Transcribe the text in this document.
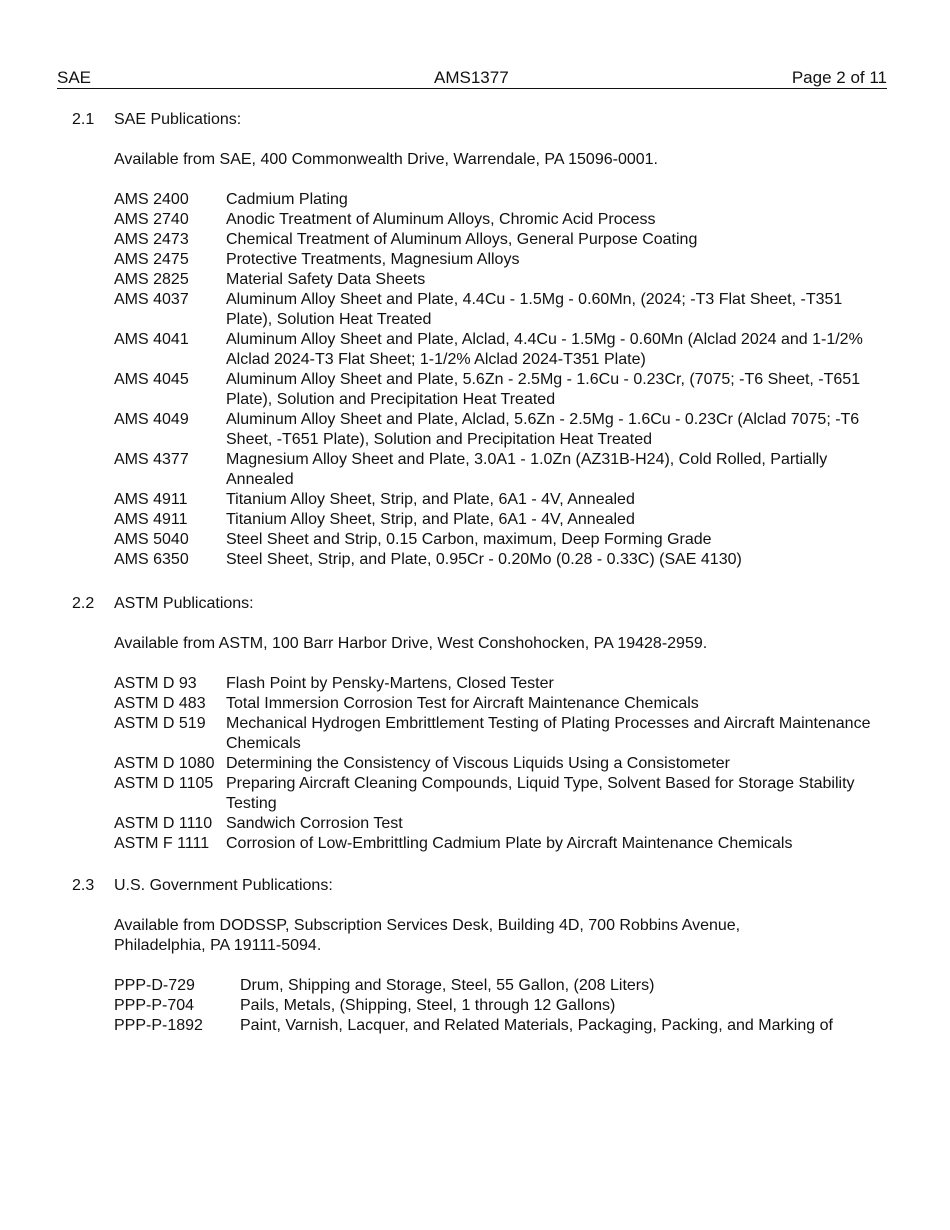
SAE	AMS1377	Page 2 of 11
2.1 SAE Publications:
Available from SAE, 400 Commonwealth Drive, Warrendale, PA 15096-0001.
AMS 2400	Cadmium Plating
AMS 2740	Anodic Treatment of Aluminum Alloys, Chromic Acid Process
AMS 2473	Chemical Treatment of Aluminum Alloys, General Purpose Coating
AMS 2475	Protective Treatments, Magnesium Alloys
AMS 2825	Material Safety Data Sheets
AMS 4037	Aluminum Alloy Sheet and Plate, 4.4Cu - 1.5Mg - 0.60Mn, (2024; -T3 Flat Sheet, -T351 Plate), Solution Heat Treated
AMS 4041	Aluminum Alloy Sheet and Plate, Alclad, 4.4Cu - 1.5Mg - 0.60Mn (Alclad 2024 and 1-1/2% Alclad 2024-T3 Flat Sheet; 1-1/2% Alclad 2024-T351 Plate)
AMS 4045	Aluminum Alloy Sheet and Plate, 5.6Zn - 2.5Mg - 1.6Cu - 0.23Cr, (7075; -T6 Sheet, -T651 Plate), Solution and Precipitation Heat Treated
AMS 4049	Aluminum Alloy Sheet and Plate, Alclad, 5.6Zn - 2.5Mg - 1.6Cu - 0.23Cr (Alclad 7075; -T6 Sheet, -T651 Plate), Solution and Precipitation Heat Treated
AMS 4377	Magnesium Alloy Sheet and Plate, 3.0A1 - 1.0Zn (AZ31B-H24), Cold Rolled, Partially Annealed
AMS 4911	Titanium Alloy Sheet, Strip, and Plate, 6A1 - 4V, Annealed
AMS 4911	Titanium Alloy Sheet, Strip, and Plate, 6A1 - 4V, Annealed
AMS 5040	Steel Sheet and Strip, 0.15 Carbon, maximum, Deep Forming Grade
AMS 6350	Steel Sheet, Strip, and Plate, 0.95Cr - 0.20Mo (0.28 - 0.33C) (SAE 4130)
2.2 ASTM Publications:
Available from ASTM, 100 Barr Harbor Drive, West Conshohocken, PA 19428-2959.
ASTM D 93	Flash Point by Pensky-Martens, Closed Tester
ASTM D 483	Total Immersion Corrosion Test for Aircraft Maintenance Chemicals
ASTM D 519	Mechanical Hydrogen Embrittlement Testing of Plating Processes and Aircraft Maintenance Chemicals
ASTM D 1080 Determining the Consistency of Viscous Liquids Using a Consistometer
ASTM D 1105 Preparing Aircraft Cleaning Compounds, Liquid Type, Solvent Based for Storage Stability Testing
ASTM D 1110 Sandwich Corrosion Test
ASTM F 1111	Corrosion of Low-Embrittling Cadmium Plate by Aircraft Maintenance Chemicals
2.3 U.S. Government Publications:
Available from DODSSP, Subscription Services Desk, Building 4D, 700 Robbins Avenue, Philadelphia, PA 19111-5094.
PPP-D-729	Drum, Shipping and Storage, Steel, 55 Gallon, (208 Liters)
PPP-P-704	Pails, Metals, (Shipping, Steel, 1 through 12 Gallons)
PPP-P-1892	Paint, Varnish, Lacquer, and Related Materials, Packaging, Packing, and Marking of
